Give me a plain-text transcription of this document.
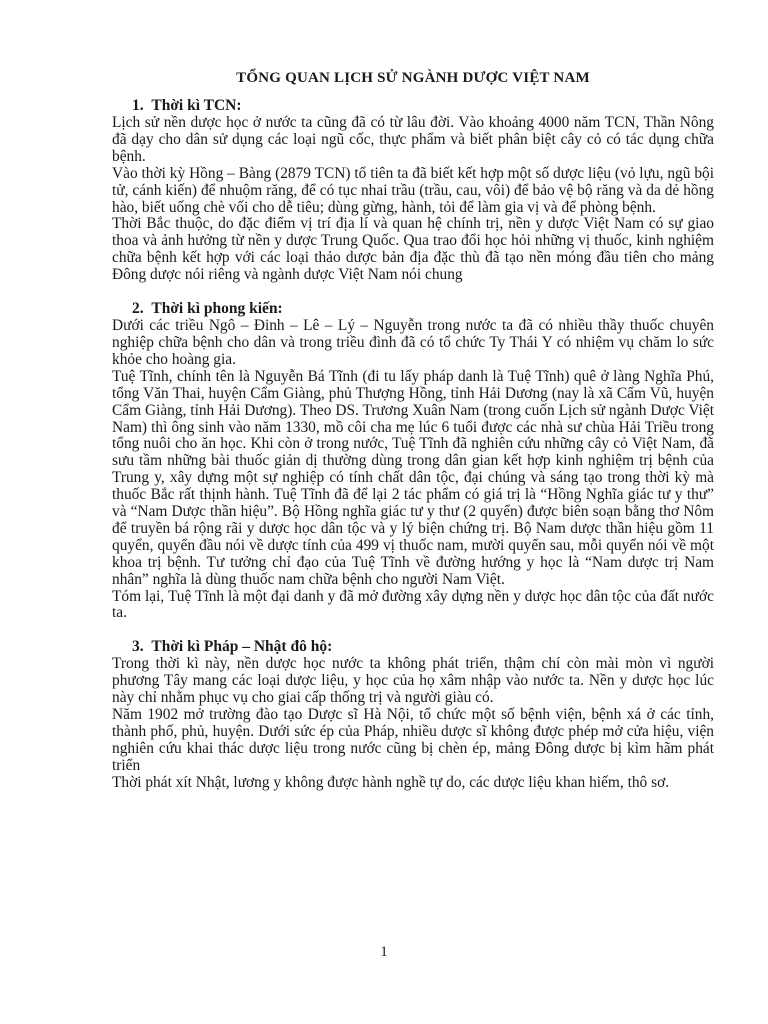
TỔNG QUAN LỊCH SỬ NGÀNH DƯỢC VIỆT NAM
1.  Thời kì TCN:

Lịch sử nền dược học ở nước ta cũng đã có từ lâu đời. Vào khoảng 4000 năm TCN, Thần Nông đã dạy cho dân sử dụng các loại ngũ cốc, thực phẩm và biết phân biệt cây cỏ có tác dụng chữa bệnh.

Vào thời kỳ Hồng – Bàng (2879 TCN) tổ tiên ta đã biết kết hợp một số dược liệu (vỏ lựu, ngũ bội tử, cánh kiến) để nhuộm răng, để có tục nhai trầu (trầu, cau, vôi) để bảo vệ bộ răng và da dẻ hồng hào, biết uống chè vối cho dễ tiêu; dùng gừng, hành, tỏi để làm gia vị và để phòng bệnh.

Thời Bắc thuộc, do đặc điểm vị trí địa lí và quan hệ chính trị, nền y dược Việt Nam có sự giao thoa và ảnh hưởng từ nền y dược Trung Quốc. Qua trao đổi học hỏi những vị thuốc, kinh nghiệm chữa bệnh kết hợp với các loại thảo dược bản địa đặc thù đã tạo nền móng đầu tiên cho mảng Đông dược nói riêng và ngành dược Việt Nam nói chung

2.  Thời kì phong kiến:

Dưới các triều Ngô – Đinh – Lê – Lý – Nguyễn trong nước ta đã có nhiều thầy thuốc chuyên nghiệp chữa bệnh cho dân và trong triều đình đã có tổ chức Ty Thái Y có nhiệm vụ chăm lo sức khỏe cho hoàng gia.

Tuệ Tĩnh, chính tên là Nguyễn Bá Tĩnh (đi tu lấy pháp danh là Tuệ Tĩnh) quê ở làng Nghĩa Phú, tổng Văn Thai, huyện Cẩm Giàng, phủ Thượng Hồng, tỉnh Hải Dương (nay là xã Cẩm Vũ, huyện Cẩm Giàng, tỉnh Hải Dương). Theo DS. Trương Xuân Nam (trong cuốn Lịch sử ngành Dược Việt Nam) thì ông sinh vào năm 1330, mồ côi cha mẹ lúc 6 tuổi được các nhà sư chùa Hải Triều trong tổng nuôi cho ăn học. Khi còn ở trong nước, Tuệ Tĩnh đã nghiên cứu những cây cỏ Việt Nam, đã sưu tầm những bài thuốc giản dị thường dùng trong dân gian kết hợp kinh nghiệm trị bệnh của Trung y, xây dựng một sự nghiệp có tính chất dân tộc, đại chúng và sáng tạo trong thời kỳ mà thuốc Bắc rất thịnh hành. Tuệ Tĩnh đã để lại 2 tác phẩm có giá trị là “Hồng Nghĩa giác tư y thư” và “Nam Dược thần hiệu”. Bộ Hồng nghĩa giác tư y thư (2 quyển) được biên soạn bằng thơ Nôm để truyền bá rộng rãi y dược học dân tộc và y lý biện chứng trị. Bộ Nam dược thần hiệu gồm 11 quyển, quyển đầu nói về dược tính của 499 vị thuốc nam, mười quyển sau, mỗi quyển nói về một khoa trị bệnh. Tư tưởng chỉ đạo của Tuệ Tĩnh về đường hướng y học là “Nam dược trị Nam nhân” nghĩa là dùng thuốc nam chữa bệnh cho người Nam Việt.

Tóm lại, Tuệ Tĩnh là một đại danh y đã mở đường xây dựng nền y dược học dân tộc của đất nước ta.

3.  Thời kì Pháp – Nhật đô hộ:

Trong thời kì này, nền dược học nước ta không phát triển, thậm chí còn mài mòn vì người phương Tây mang các loại dược liệu, y học của họ xâm nhập vào nước ta. Nền y dược học lúc này chỉ nhằm phục vụ cho giai cấp thống trị và người giàu có.

Năm 1902 mở trường đào tạo Dược sĩ Hà Nội, tổ chức một số bệnh viện, bệnh xá ở các tỉnh, thành phố, phủ, huyện. Dưới sức ép của Pháp, nhiều dược sĩ không được phép mở cửa hiệu, viện nghiên cứu khai thác dược liệu trong nước cũng bị chèn ép, mảng Đông dược bị kìm hãm phát triển

Thời phát xít Nhật, lương y không được hành nghề tự do, các dược liệu khan hiếm, thô sơ.

1
